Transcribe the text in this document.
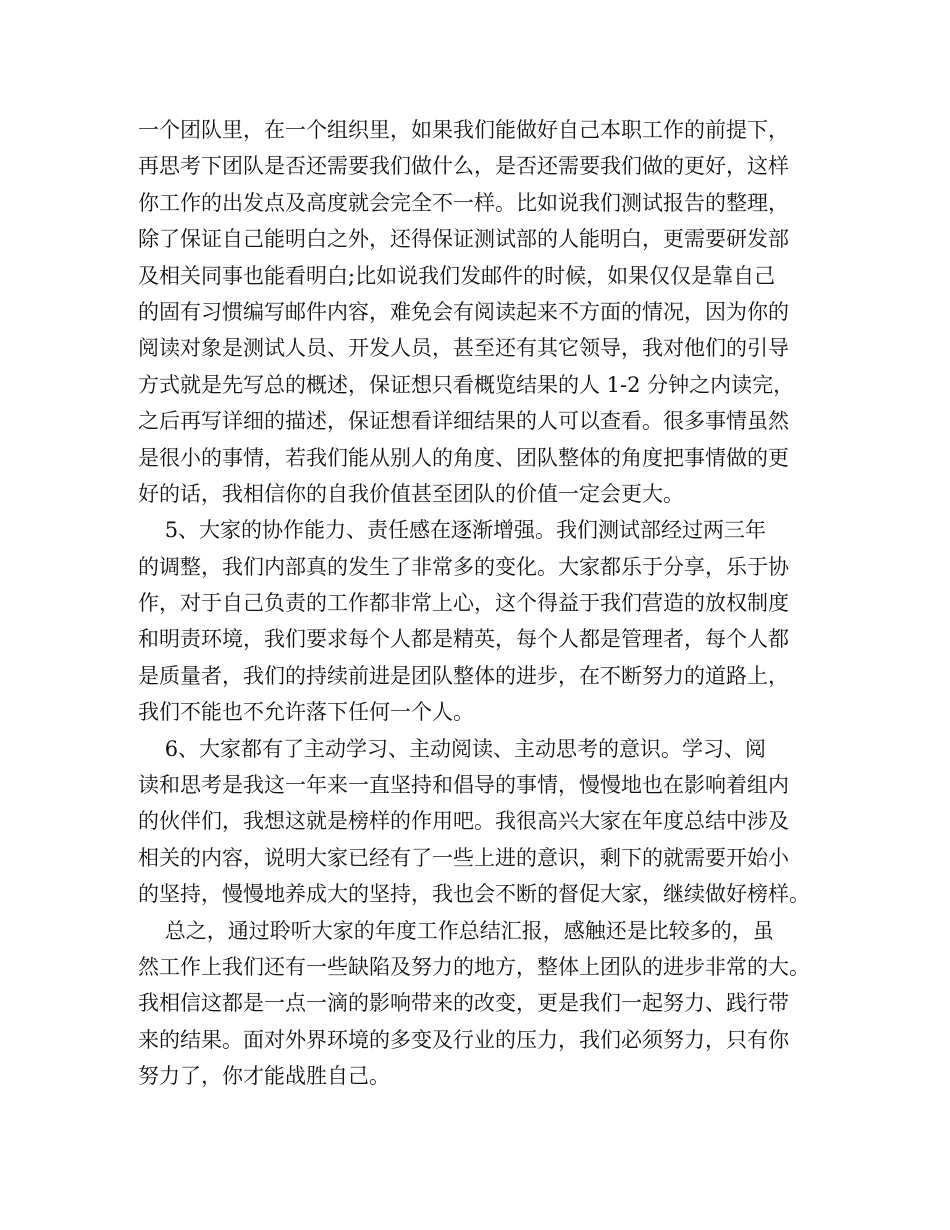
一个团队里，在一个组织里，如果我们能做好自己本职工作的前提下，
再思考下团队是否还需要我们做什么，是否还需要我们做的更好，这样
你工作的出发点及高度就会完全不一样。比如说我们测试报告的整理，
除了保证自己能明白之外，还得保证测试部的人能明白，更需要研发部
及相关同事也能看明白;比如说我们发邮件的时候，如果仅仅是靠自己
的固有习惯编写邮件内容，难免会有阅读起来不方面的情况，因为你的
阅读对象是测试人员、开发人员，甚至还有其它领导，我对他们的引导
方式就是先写总的概述，保证想只看概览结果的人 1-2 分钟之内读完，
之后再写详细的描述，保证想看详细结果的人可以查看。很多事情虽然
是很小的事情，若我们能从别人的角度、团队整体的角度把事情做的更
好的话，我相信你的自我价值甚至团队的价值一定会更大。
5、大家的协作能力、责任感在逐渐增强。我们测试部经过两三年
的调整，我们内部真的发生了非常多的变化。大家都乐于分享，乐于协
作，对于自己负责的工作都非常上心，这个得益于我们营造的放权制度
和明责环境，我们要求每个人都是精英，每个人都是管理者，每个人都
是质量者，我们的持续前进是团队整体的进步，在不断努力的道路上，
我们不能也不允许落下任何一个人。
6、大家都有了主动学习、主动阅读、主动思考的意识。学习、阅
读和思考是我这一年来一直坚持和倡导的事情，慢慢地也在影响着组内
的伙伴们，我想这就是榜样的作用吧。我很高兴大家在年度总结中涉及
相关的内容，说明大家已经有了一些上进的意识，剩下的就需要开始小
的坚持，慢慢地养成大的坚持，我也会不断的督促大家，继续做好榜样。
总之，通过聆听大家的年度工作总结汇报，感触还是比较多的，虽
然工作上我们还有一些缺陷及努力的地方，整体上团队的进步非常的大。
我相信这都是一点一滴的影响带来的改变，更是我们一起努力、践行带
来的结果。面对外界环境的多变及行业的压力，我们必须努力，只有你
努力了，你才能战胜自己。
